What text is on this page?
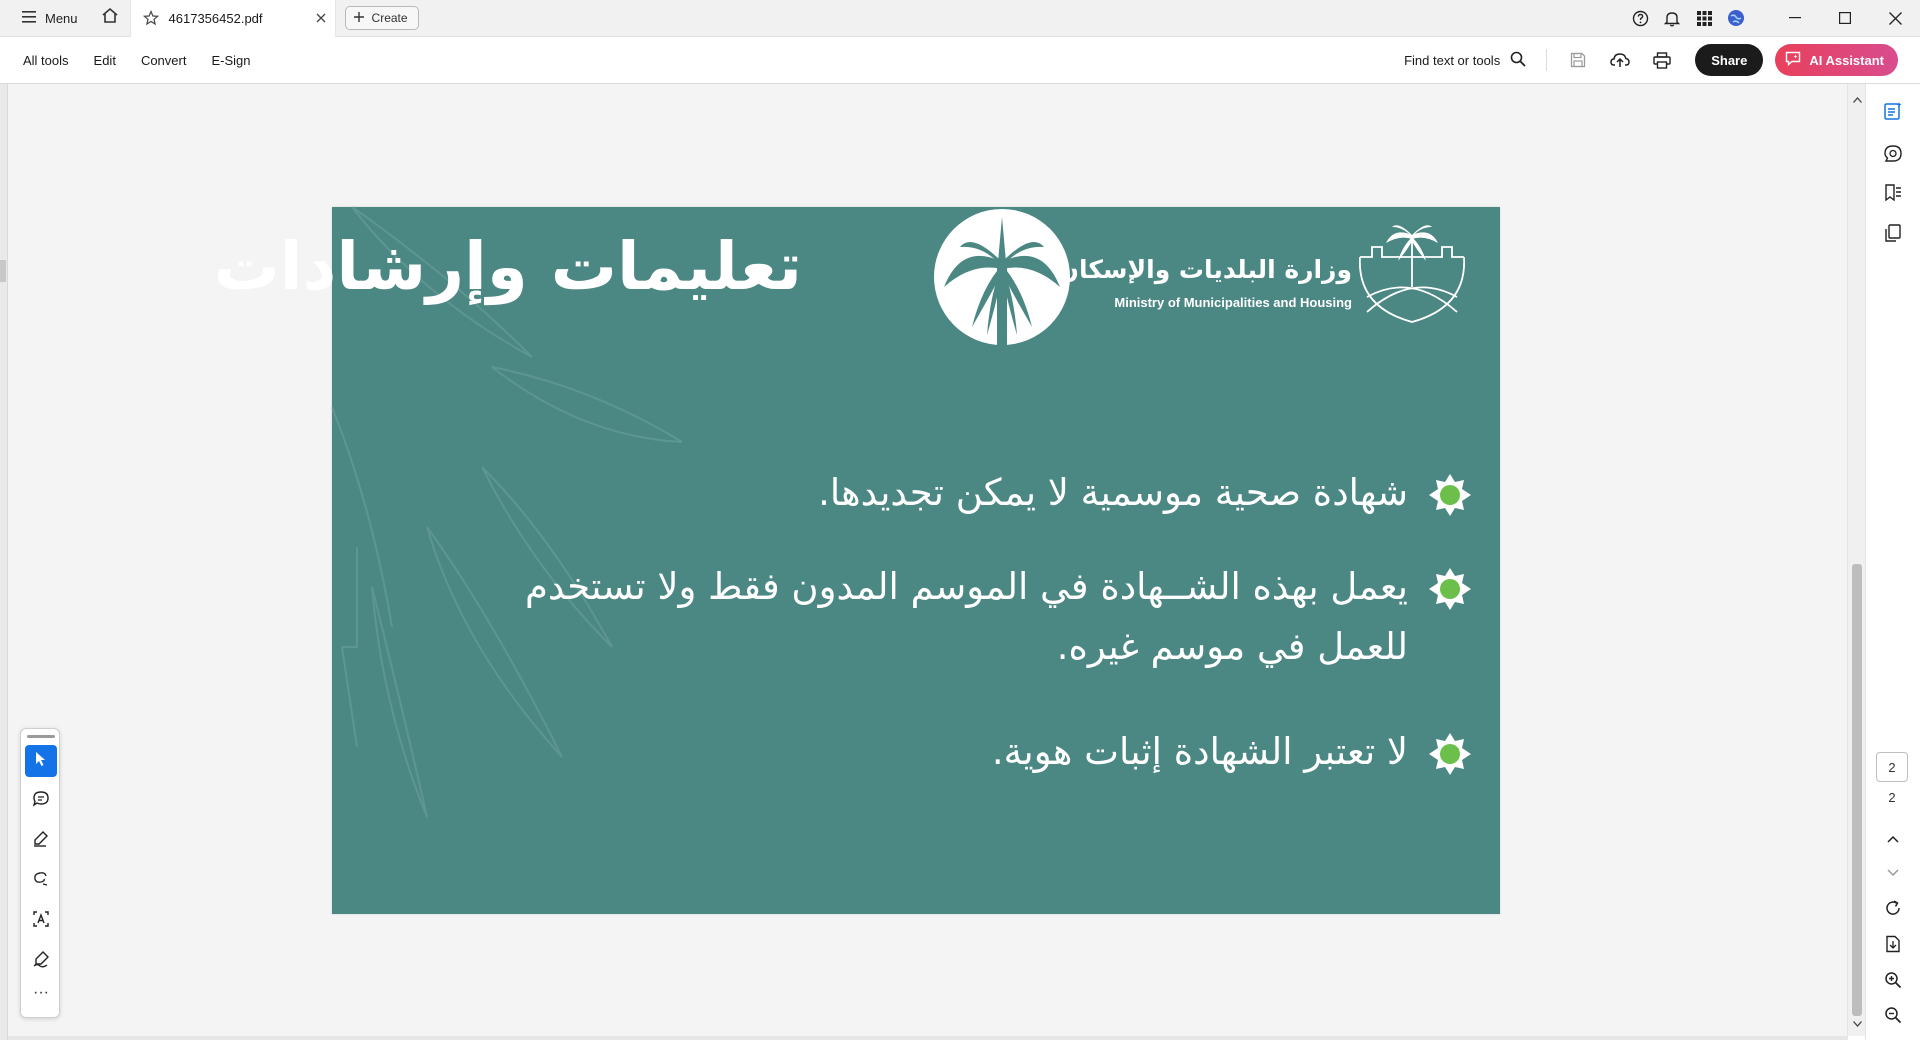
Menu	4617356452.pdf	Create
All tools Edit Convert E-Sign	Find text or tools	Share	AI Assistant
تعليمات وإرشادات	وزارة البلديات والإسكان
Ministry of Municipalities and Housing
شهادة صحية موسمية لا يمكن تجديدها.
يعمل بهذه الشــهادة في الموسم المدون فقط ولا تستخدم للعمل في موسم غيره.
لا تعتبر الشهادة إثبات هوية.
···
2
2
